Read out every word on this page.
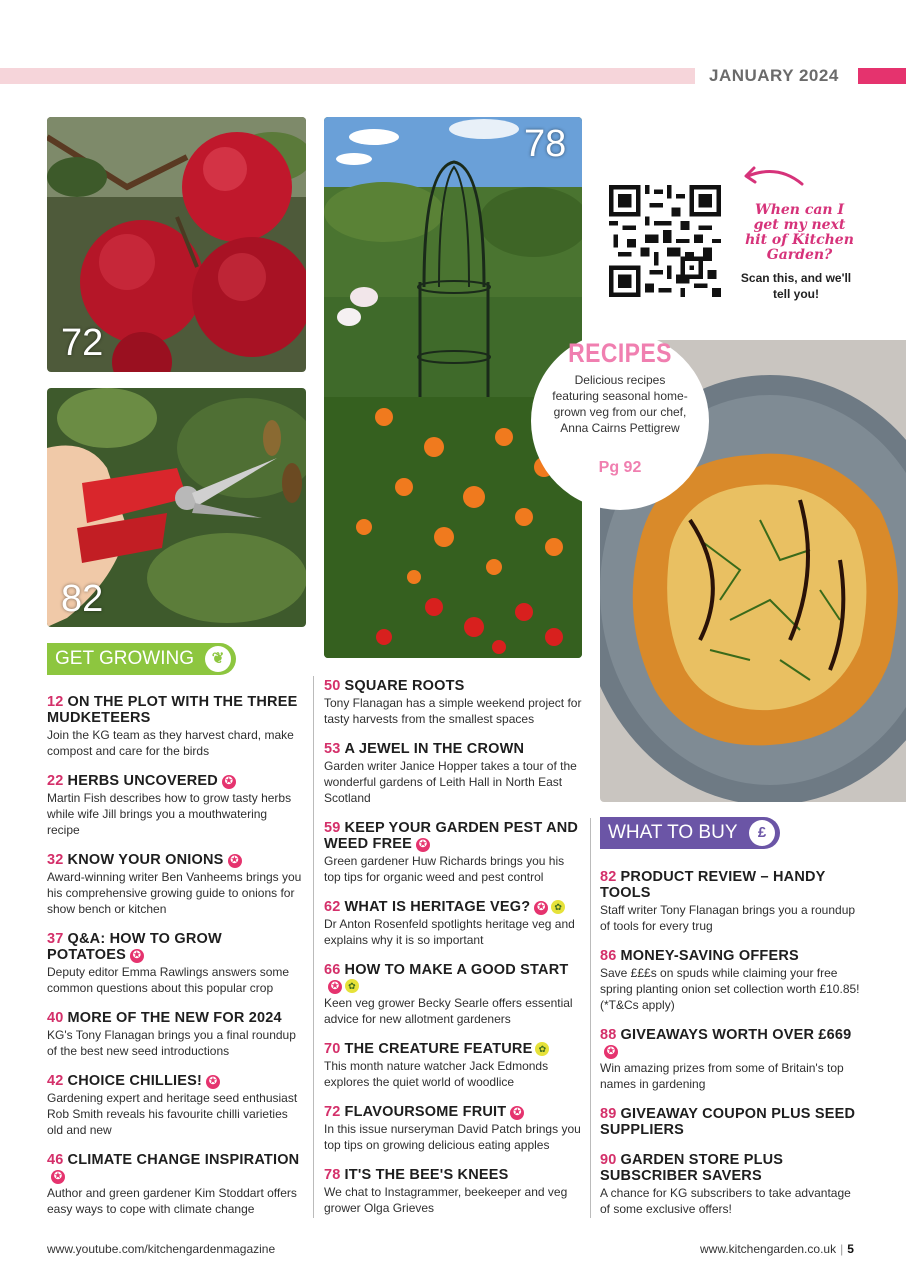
JANUARY 2024
72
82
78
When can I get my next hit of Kitchen Garden?
Scan this, and we'll tell you!
RECIPES
Delicious recipes featuring seasonal home-grown veg from our chef, Anna Cairns Pettigrew
Pg 92
GET GROWING	❦
WHAT TO BUY	£
12 ON THE PLOT WITH THE THREE MUDKETEERS
Join the KG team as they harvest chard, make compost and care for the birds
22 HERBS UNCOVERED ✪
Martin Fish describes how to grow tasty herbs while wife Jill brings you a mouthwatering recipe
32 KNOW YOUR ONIONS ✪
Award-winning writer Ben Vanheems brings you his comprehensive growing guide to onions for show bench or kitchen
37 Q&A: HOW TO GROW POTATOES ✪
Deputy editor Emma Rawlings answers some common questions about this popular crop
40 MORE OF THE NEW FOR 2024
KG's Tony Flanagan brings you a final roundup of the best new seed introductions
42 CHOICE CHILLIES! ✪
Gardening expert and heritage seed enthusiast Rob Smith reveals his favourite chilli varieties old and new
46 CLIMATE CHANGE INSPIRATION✪
Author and green gardener Kim Stoddart offers easy ways to cope with climate change
50 SQUARE ROOTS
Tony Flanagan has a simple weekend project for tasty harvests from the smallest spaces
53 A JEWEL IN THE CROWN
Garden writer Janice Hopper takes a tour of the wonderful gardens of Leith Hall in North East Scotland
59 KEEP YOUR GARDEN PEST AND WEED FREE ✪
Green gardener Huw Richards brings you his top tips for organic weed and pest control
62 WHAT IS HERITAGE VEG? ✪ ✿
Dr Anton Rosenfeld spotlights heritage veg and explains why it is so important
66 HOW TO MAKE A GOOD START✪ ✿
Keen veg grower Becky Searle offers essential advice for new allotment gardeners
70 THE CREATURE FEATURE ✿
This month nature watcher Jack Edmonds explores the quiet world of woodlice
72 FLAVOURSOME FRUIT ✪
In this issue nurseryman David Patch brings you top tips on growing delicious eating apples
78 IT'S THE BEE'S KNEES
We chat to Instagrammer, beekeeper and veg grower Olga Grieves
82 PRODUCT REVIEW – HANDY TOOLS
Staff writer Tony Flanagan brings you a roundup of tools for every trug
86 MONEY-SAVING OFFERS
Save £££s on spuds while claiming your free spring planting onion set collection worth £10.85! (*T&Cs apply)
88 GIVEAWAYS WORTH OVER £669✪
Win amazing prizes from some of Britain's top names in gardening
89 GIVEAWAY COUPON PLUS SEED SUPPLIERS
90 GARDEN STORE PLUS SUBSCRIBER SAVERS
A chance for KG subscribers to take advantage of some exclusive offers!
www.youtube.com/kitchengardenmagazine	www.kitchengarden.co.uk | 5
